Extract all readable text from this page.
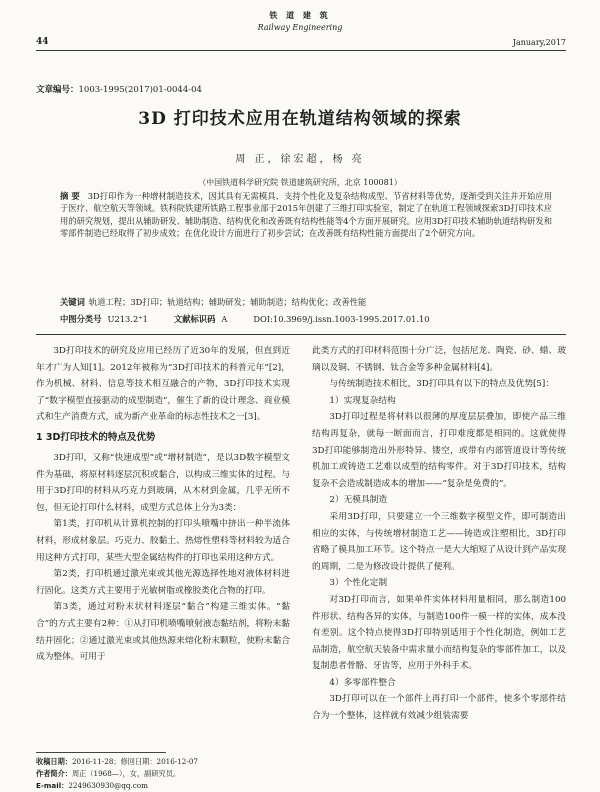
铁 道 建 筑
Railway Engineering
44	January,2017
文章编号：1003-1995(2017)01-0044-04
3D 打印技术应用在轨道结构领域的探索
周 正，徐宏超，杨 亮
（中国铁道科学研究院 铁道建筑研究所，北京 100081）
摘 要 3D打印作为一种增材制造技术，因其具有无需模具、支持个性化及复杂结构成型、节省材料等优势，逐渐受到关注并开始应用于医疗、航空航天等领域。铁科院铁建所铁路工程事业部于2015年创建了三维打印实验室，制定了在轨道工程领域探索3D打印技术应用的研究规划，提出从辅助研发、辅助制造、结构优化和改善既有结构性能等4个方面开展研究。应用3D打印技术辅助轨道结构研发和零部件制造已经取得了初步成效；在优化设计方面进行了初步尝试；在改善既有结构性能方面提出了2个研究方向。
关键词 轨道工程；3D打印；轨道结构；辅助研发；辅助制造；结构优化；改善性能
中图分类号 U213.2⁺1	文献标识码 A	DOI:10.3969/j.issn.1003-1995.2017.01.10

3D打印技术的研究及应用已经历了近30年的发展，但直到近年才广为人知[1]。2012年被称为“3D打印技术的科普元年”[2]，作为机械、材料、信息等技术相互融合的产物，3D打印技术实现了“数字模型直接驱动的成型制造”，催生了新的设计理念、商业模式和生产消费方式，成为新产业革命的标志性技术之一[3]。

1 3D打印技术的特点及优势

3D打印，又称“快速成型”或“增材制造”，是以3D数字模型文件为基础，将原材料逐层沉积或黏合，以构成三维实体的过程。与用于3D打印的材料从巧克力到玻璃，从木材到金属，几乎无所不包，但无论打印什么材料，成型方式总体上分为3类：

第1类，打印机从计算机控制的打印头喷嘴中挤出一种半流体材料，形成材象层。巧克力、胶黏土、热熔性塑料等材料较为适合用这种方式打印，某些大型金属结构件的打印也采用这种方式。

第2类，打印机通过激光束或其他光源选择性地对液体材料进行固化。这类方式主要用于光敏树脂或橡胶类化合物的打印。

第3类，通过对粉末状材料逐层“黏合”构建三维实体。“黏合”的方式主要有2种：①从打印机喷嘴喷射液态黏结剂，将粉末黏结并固化；②通过激光束或其他热源来熔化粉末颗粒，使粉末黏合成为整体。可用于

此类方式的打印材料范围十分广泛，包括尼龙、陶瓷、砂、蜡、玻璃以及铜、不锈钢、钛合金等多种金属材料[4]。

与传统制造技术相比，3D打印具有以下的特点及优势[5]：

1）实现复杂结构

3D打印过程是将材料以很薄的厚度层层叠加，即使产品三维结构再复杂，就每一断面而言，打印难度都是相同的。这就使得3D打印能够制造出外形特异、镂空，或带有内部管道设计等传统机加工或铸造工艺难以成型的结构零件。对于3D打印技术，结构复杂不会造成制造成本的增加——“复杂是免费的”。

2）无模具制造

采用3D打印，只要建立一个三维数字模型文件，即可制造出相应的实体，与传统增材制造工艺——铸造或注塑相比，3D打印省略了模具加工环节。这个特点一是大大缩短了从设计到产品实现的周期，二是为修改设计提供了便利。

3）个性化定制

对3D打印而言，如果单件实体材料用量相同，那么制造100件形状、结构各异的实体，与制造100件一模一样的实体，成本没有差别。这个特点使得3D打印特别适用于个性化制造，例如工艺品制造，航空航天装备中需求量小而结构复杂的零部件加工，以及复制患者骨骼、牙齿等，应用于外科手术。

4）多零部件整合

3D打印可以在一个部件上再打印一个部件，使多个零部件结合为一个整体，这样就有效减少组装需要

收稿日期：2016-11-28；修回日期：2016-12-07
作者简介：周正（1968—），女，副研究员。
E-mail：2249630930@qq.com
